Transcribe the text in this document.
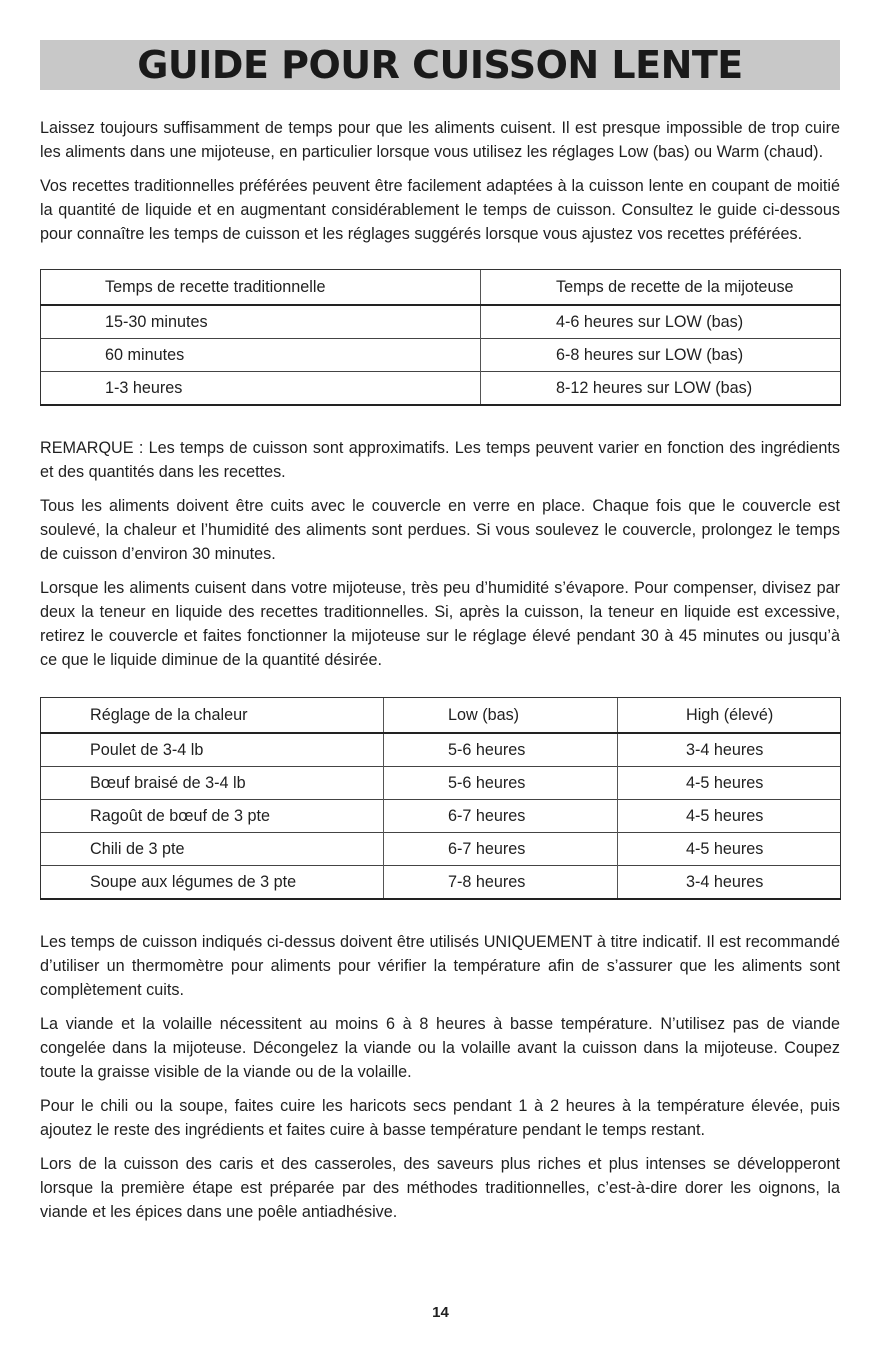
GUIDE POUR CUISSON LENTE

Laissez toujours suffisamment de temps pour que les aliments cuisent. Il est presque impossible de trop cuire les aliments dans une mijoteuse, en particulier lorsque vous utilisez les réglages Low (bas) ou Warm (chaud).

Vos recettes traditionnelles préférées peuvent être facilement adaptées à la cuisson lente en coupant de moitié la quantité de liquide et en augmentant considérablement le temps de cuisson. Consultez le guide ci-dessous pour connaître les temps de cuisson et les réglages suggérés lorsque vous ajustez vos recettes préférées.

Temps de recette traditionnelle	Temps de recette de la mijoteuse
15-30 minutes	4-6 heures sur LOW (bas)
60 minutes	6-8 heures sur LOW (bas)
1-3 heures	8-12 heures sur LOW (bas)

REMARQUE : Les temps de cuisson sont approximatifs. Les temps peuvent varier en fonction des ingrédients et des quantités dans les recettes.

Tous les aliments doivent être cuits avec le couvercle en verre en place. Chaque fois que le couvercle est soulevé, la chaleur et l’humidité des aliments sont perdues. Si vous soulevez le couvercle, prolongez le temps de cuisson d’environ 30 minutes.

Lorsque les aliments cuisent dans votre mijoteuse, très peu d’humidité s’évapore. Pour compenser, divisez par deux la teneur en liquide des recettes traditionnelles. Si, après la cuisson, la teneur en liquide est excessive, retirez le couvercle et faites fonctionner la mijoteuse sur le réglage élevé pendant 30 à 45 minutes ou jusqu’à ce que le liquide diminue de la quantité désirée.

Réglage de la chaleur	Low (bas)	High (élevé)
Poulet de 3-4 lb	5-6 heures	3-4 heures
Bœuf braisé de 3-4 lb	5-6 heures	4-5 heures
Ragoût de bœuf de 3 pte	6-7 heures	4-5 heures
Chili de 3 pte	6-7 heures	4-5 heures
Soupe aux légumes de 3 pte	7-8 heures	3-4 heures

Les temps de cuisson indiqués ci-dessus doivent être utilisés UNIQUEMENT à titre indicatif. Il est recommandé d’utiliser un thermomètre pour aliments pour vérifier la température afin de s’assurer que les aliments sont complètement cuits.

La viande et la volaille nécessitent au moins 6 à 8 heures à basse température. N’utilisez pas de viande congelée dans la mijoteuse. Décongelez la viande ou la volaille avant la cuisson dans la mijoteuse. Coupez toute la graisse visible de la viande ou de la volaille.

Pour le chili ou la soupe, faites cuire les haricots secs pendant 1 à 2 heures à la température élevée, puis ajoutez le reste des ingrédients et faites cuire à basse température pendant le temps restant.

Lors de la cuisson des caris et des casseroles, des saveurs plus riches et plus intenses se développeront lorsque la première étape est préparée par des méthodes traditionnelles, c’est-à-dire dorer les oignons, la viande et les épices dans une poêle antiadhésive.

14
